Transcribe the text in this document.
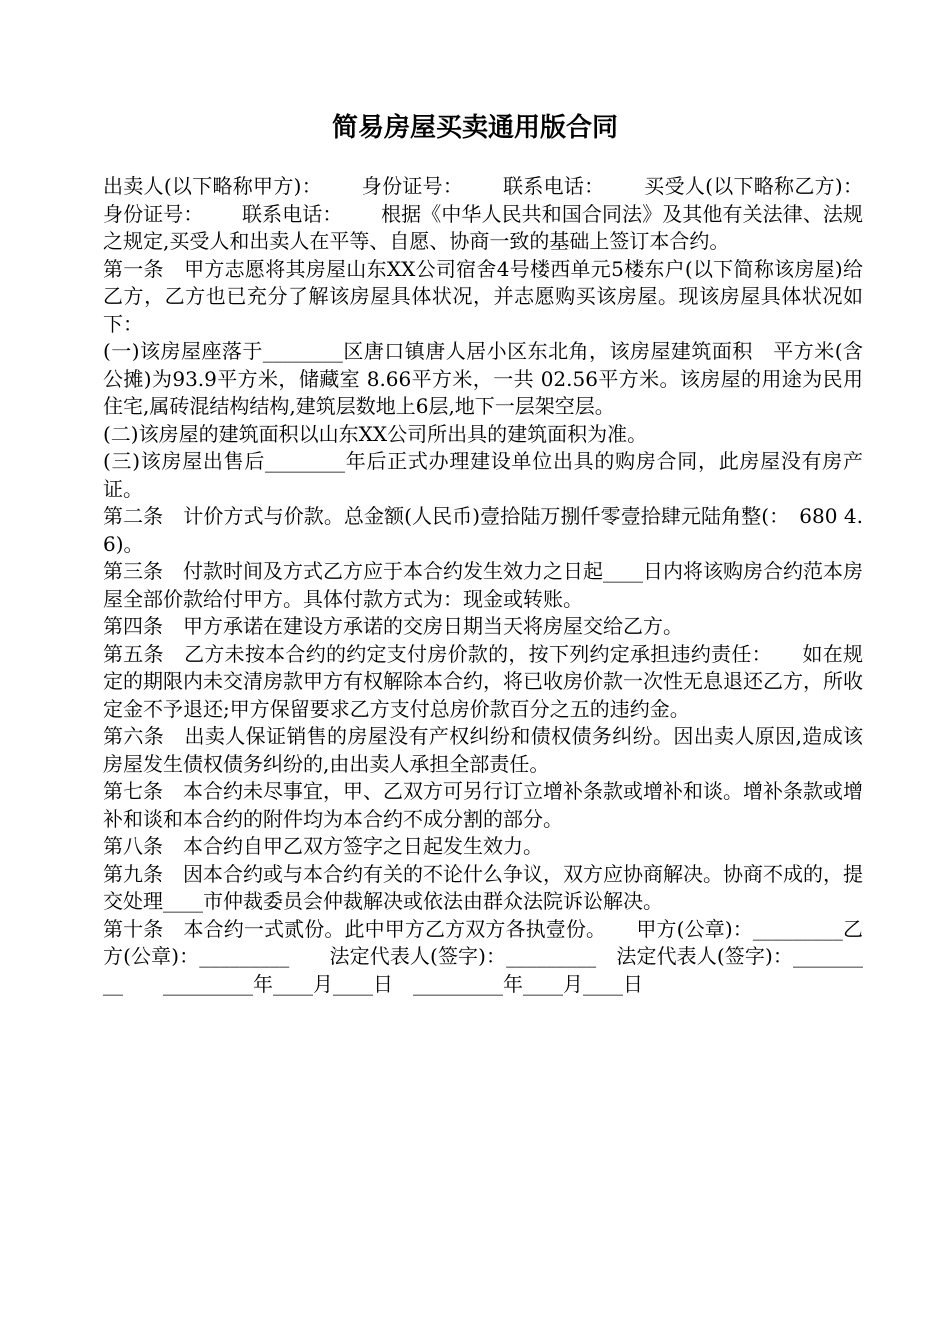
简易房屋买卖通用版合同

出卖人(以下略称甲方)：      身份证号：      联系电话：      买受人(以下略称乙方)：      身份证号：      联系电话：      根据《中华人民共和国合同法》及其他有关法律、法规之规定,买受人和出卖人在平等、自愿、协商一致的基础上签订本合约。

第一条　甲方志愿将其房屋山东XX公司宿舍4号楼西单元5楼东户(以下简称该房屋)给乙方，乙方也已充分了解该房屋具体状况，并志愿购买该房屋。现该房屋具体状况如下：

(一)该房屋座落于________区唐口镇唐人居小区东北角，该房屋建筑面积　平方米(含公摊)为93.9平方米，储藏室 8.66平方米，一共 02.56平方米。该房屋的用途为民用住宅,属砖混结构结构,建筑层数地上6层,地下一层架空层。

(二)该房屋的建筑面积以山东XX公司所出具的建筑面积为准。

(三)该房屋出售后________年后正式办理建设单位出具的购房合同，此房屋没有房产证。

第二条　计价方式与价款。总金额(人民币)壹拾陆万捌仟零壹拾肆元陆角整(：　680 4.6)。

第三条　付款时间及方式乙方应于本合约发生效力之日起____日内将该购房合约范本房屋全部价款给付甲方。具体付款方式为：现金或转账。

第四条　甲方承诺在建设方承诺的交房日期当天将房屋交给乙方。

第五条　乙方未按本合约的约定支付房价款的，按下列约定承担违约责任：　　如在规定的期限内未交清房款甲方有权解除本合约，将已收房价款一次性无息退还乙方，所收定金不予退还;甲方保留要求乙方支付总房价款百分之五的违约金。

第六条　出卖人保证销售的房屋没有产权纠纷和债权债务纠纷。因出卖人原因,造成该房屋发生债权债务纠纷的,由出卖人承担全部责任。

第七条　本合约未尽事宜，甲、乙双方可另行订立增补条款或增补和谈。增补条款或增补和谈和本合约的附件均为本合约不成分割的部分。

第八条　本合约自甲乙双方签字之日起发生效力。

第九条　因本合约或与本合约有关的不论什么争议，双方应协商解决。协商不成的，提交处理____市仲裁委员会仲裁解决或依法由群众法院诉讼解决。

第十条　本合约一式贰份。此中甲方乙方双方各执壹份。　　甲方(公章)：_________乙方(公章)：_________　　法定代表人(签字)：_________　法定代表人(签字)：_________　　_________年____月____日　_________年____月____日
